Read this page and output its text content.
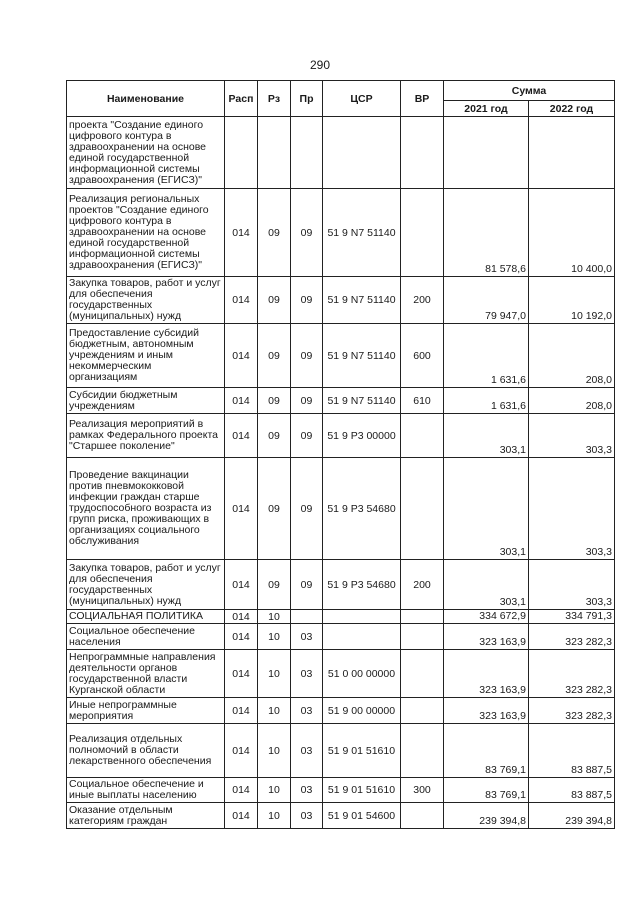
290
Наименование	Расп	Рз	Пр	ЦСР	ВР	Сумма	
						2021 год	2022 год
проекта "Создание единого цифрового контура в здравоохранении на основе единой государственной информационной системы здравоохранения (ЕГИСЗ)"							
Реализация региональных проектов "Создание единого цифрового контура в здравоохранении на основе единой государственной информационной системы здравоохранения (ЕГИСЗ)"	014	09	09	51 9 N7 51140		81 578,6	10 400,0
Закупка товаров, работ и услуг для обеспечения государственных (муниципальных) нужд	014	09	09	51 9 N7 51140	200	79 947,0	10 192,0
Предоставление субсидий бюджетным, автономным учреждениям и иным некоммерческим организациям	014	09	09	51 9 N7 51140	600	1 631,6	208,0
Субсидии бюджетным учреждениям	014	09	09	51 9 N7 51140	610	1 631,6	208,0
Реализация мероприятий в рамках Федерального проекта "Старшее поколение"	014	09	09	51 9 P3 00000		303,1	303,3
Проведение вакцинации против пневмококковой инфекции граждан старше трудоспособного возраста из групп риска, проживающих в организациях социального обслуживания	014	09	09	51 9 P3 54680		303,1	303,3
Закупка товаров, работ и услуг для обеспечения государственных (муниципальных) нужд	014	09	09	51 9 P3 54680	200	303,1	303,3
СОЦИАЛЬНАЯ ПОЛИТИКА	014	10				334 672,9	334 791,3
Социальное обеспечение населения	014	10	03			323 163,9	323 282,3
Непрограммные направления деятельности органов государственной власти Курганской области	014	10	03	51 0 00 00000		323 163,9	323 282,3
Иные непрограммные мероприятия	014	10	03	51 9 00 00000		323 163,9	323 282,3
Реализация отдельных полномочий в области лекарственного обеспечения	014	10	03	51 9 01 51610		83 769,1	83 887,5
Социальное обеспечение и иные выплаты населению	014	10	03	51 9 01 51610	300	83 769,1	83 887,5
Оказание отдельным категориям граждан	014	10	03	51 9 01 54600		239 394,8	239 394,8
